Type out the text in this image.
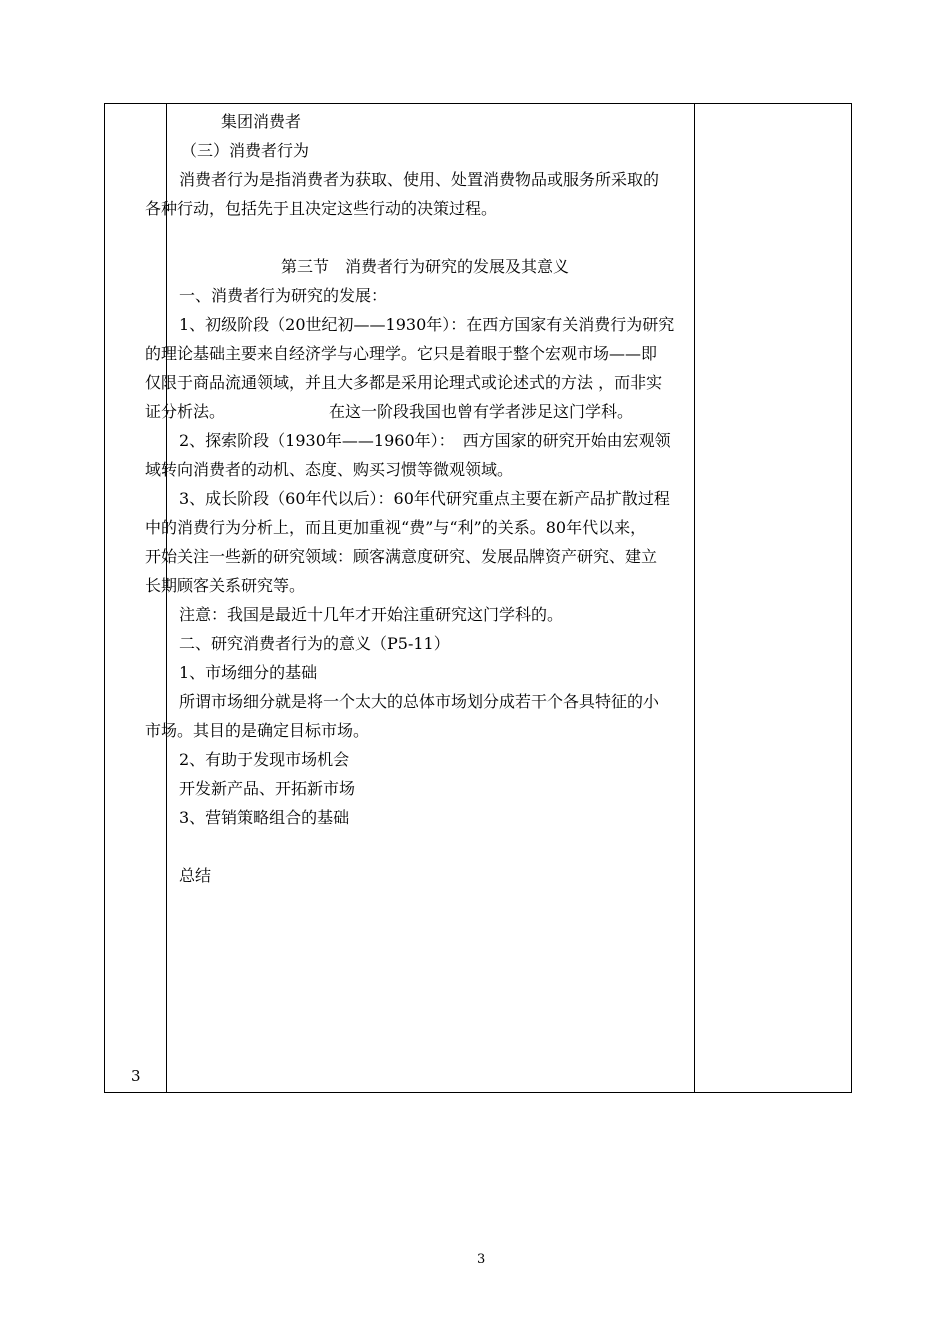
3
集团消费者
（三）消费者行为
消费者行为是指消费者为获取、使用、处置消费物品或服务所采取的
各种行动，包括先于且决定这些行动的决策过程。
第三节　消费者行为研究的发展及其意义
一、消费者行为研究的发展：
1、初级阶段（20世纪初——1930年）：在西方国家有关消费行为研究
的理论基础主要来自经济学与心理学。它只是着眼于整个宏观市场——即
仅限于商品流通领域，并且大多都是采用论理式或论述式的方法 ，而非实
证分析法。　　　　　　　在这一阶段我国也曾有学者涉足这门学科。
2、探索阶段（1930年——1960年）：　西方国家的研究开始由宏观领
域转向消费者的动机、态度、购买习惯等微观领域。
3、成长阶段（60年代以后）：60年代研究重点主要在新产品扩散过程
中的消费行为分析上，而且更加重视“费”与“利”的关系。80年代以来，
开始关注一些新的研究领域：顾客满意度研究、发展品牌资产研究、建立
长期顾客关系研究等。
注意：我国是最近十几年才开始注重研究这门学科的。
二、研究消费者行为的意义（P5-11）
1、市场细分的基础
所谓市场细分就是将一个太大的总体市场划分成若干个各具特征的小
市场。其目的是确定目标市场。
2、有助于发现市场机会
开发新产品、开拓新市场
3、营销策略组合的基础
总结
3
